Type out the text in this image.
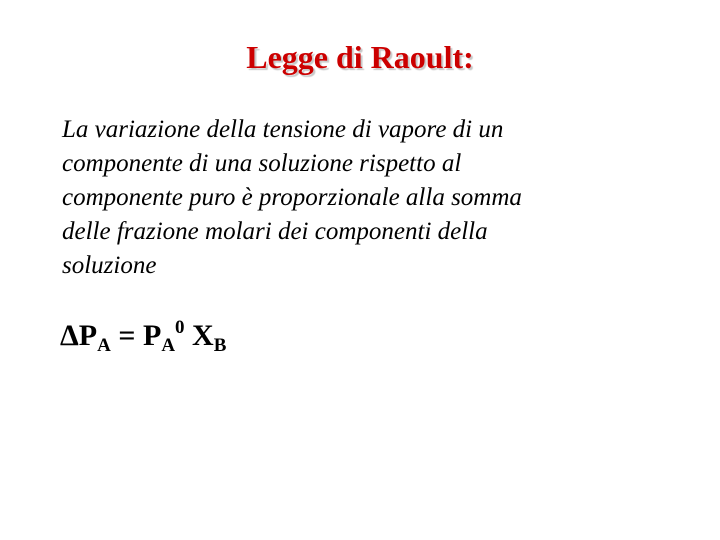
Legge di Raoult:
La variazione della tensione di vapore di un
componente di una soluzione rispetto al
componente puro è proporzionale alla somma
delle frazione molari dei componenti della
soluzione
$\Delta P_A = P_A^0$ $X_B$
